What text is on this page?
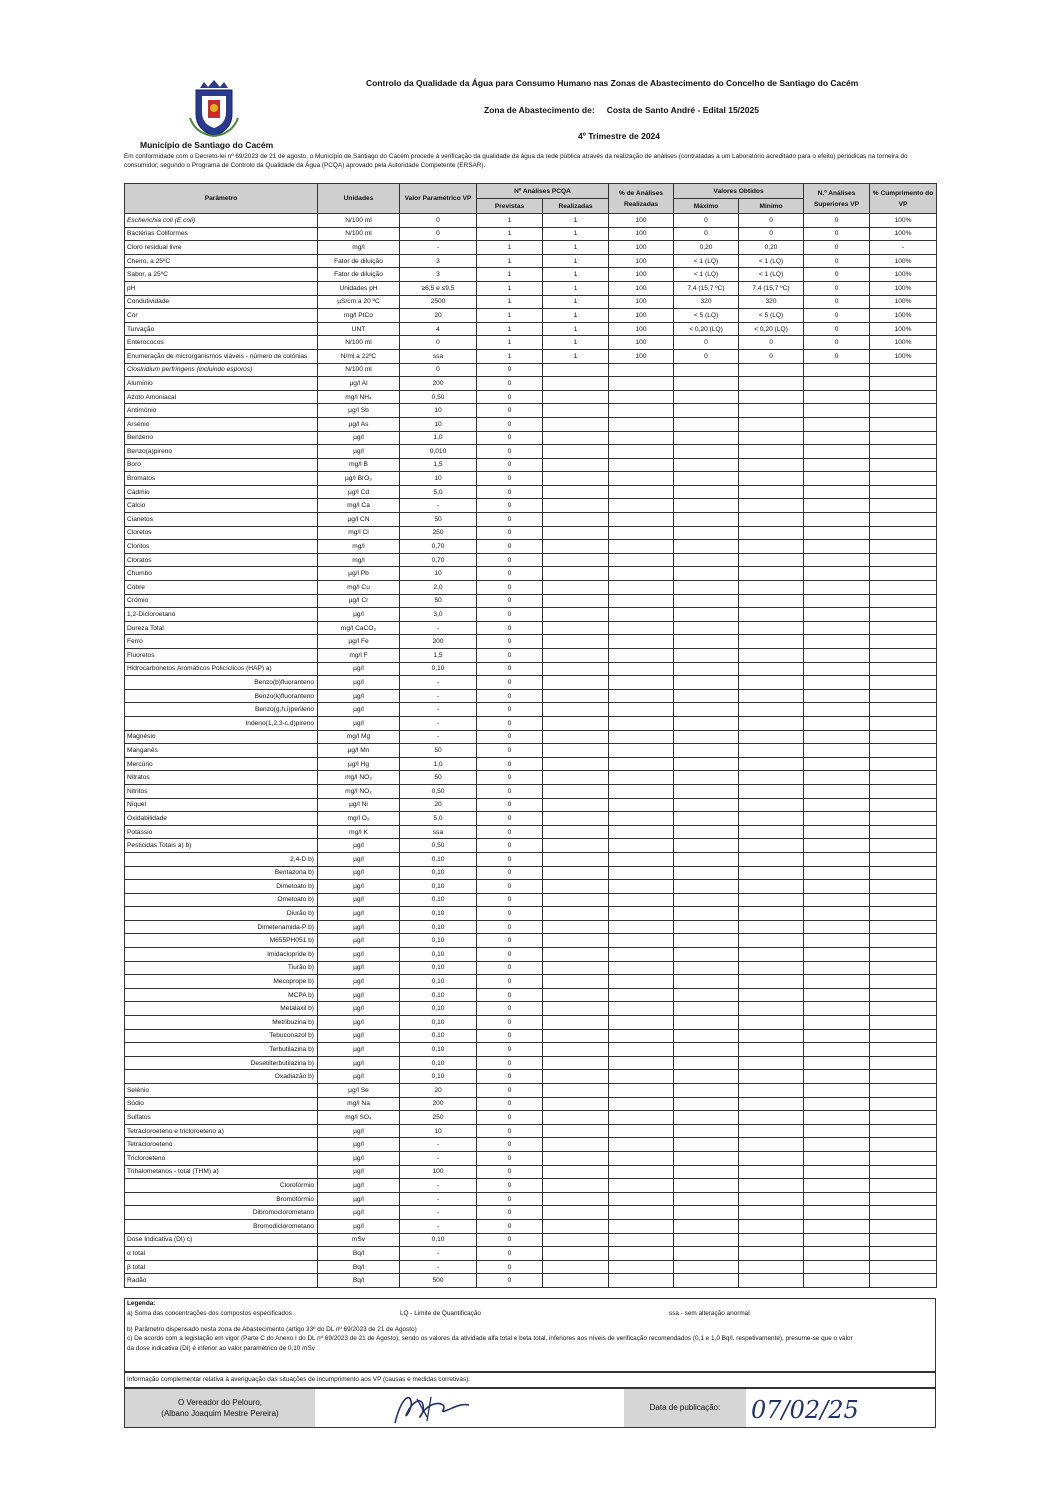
Município de Santiago do Cacém
Controlo da Qualidade da Água para Consumo Humano nas Zonas de Abastecimento do Concelho de Santiago do Cacém
Zona de Abastecimento de: Costa de Santo André - Edital 15/2025
4º Trimestre de 2024
Em conformidade com o Decreto-lei nº 69/2023 de 21 de agosto, o Município de Santiago do Cacém procede à verificação da qualidade da água da rede pública através da realização de análises (contratadas a um Laboratório acreditado para o efeito) periódicas na torneira do consumidor, segundo o Programa de Controlo da Qualidade da Água (PCQA) aprovado pela Autoridade Competente (ERSAR).
Parâmetro	Unidades	Valor Paramétrico VP	Nº Análises PCQA		% de Análises Realizadas	Valores Obtidos		N.º Análises Superiores VP	% Cumprimento do VP
			Previstas	Realizadas		Máximo	Mínimo		
Escherichia coli (E.coli)	N/100 ml	0	1	1	100	0	0	0	100%
Bactérias Coliformes	N/100 ml	0	1	1	100	0	0	0	100%
Cloro residual livre	mg/l	-	1	1	100	0,20	0,20	0	-
Cheiro, a 25ºC	Fator de diluição	3	1	1	100	< 1 (LQ)	< 1 (LQ)	0	100%
Sabor, a 25ºC	Fator de diluição	3	1	1	100	< 1 (LQ)	< 1 (LQ)	0	100%
pH	Unidades pH	≥6,5 e ≤9,5	1	1	100	7,4 (15,7 ºC)	7,4 (15,7 ºC)	0	100%
Condutividade	µS/cm a 20 ºC	2500	1	1	100	320	320	0	100%
Cor	mg/l PtCo	20	1	1	100	< 5 (LQ)	< 5 (LQ)	0	100%
Turvação	UNT	4	1	1	100	< 0,20 (LQ)	< 0,20 (LQ)	0	100%
Enterococos	N/100 ml	0	1	1	100	0	0	0	100%
Enumeração de microrganismos viáveis - número de colónias	N/ml a 22ºC	ssa	1	1	100	0	0	0	100%
Clostridium perfringens (incluindo esporos)	N/100 ml	0	0						
Alumínio	µg/l Al	200	0						
Azoto Amoniacal	mg/l NH₄	0,50	0						
Antimónio	µg/l Sb	10	0						
Arsénio	µg/l As	10	0						
Benzeno	µg/l	1,0	0						
Benzo(a)pireno	µg/l	0,010	0						
Boro	mg/l B	1,5	0						
Bromatos	µg/l BrO₃	10	0						
Cádmio	µg/l Cd	5,0	0						
Cálcio	mg/l Ca	-	0						
Cianetos	µg/l CN	50	0						
Cloretos	mg/l Cl	250	0						
Cloritos	mg/l	0,70	0						
Cloratos	mg/l	0,70	0						
Chumbo	µg/l Pb	10	0						
Cobre	mg/l Cu	2,0	0						
Crómio	µg/l Cr	50	0						
1,2-Dicloroetano	µg/l	3,0	0						
Dureza Total	mg/l CaCO₃	-	0						
Ferro	µg/l Fe	200	0						
Fluoretos	mg/l F	1,5	0						
Hidrocarbonetos Aromáticos Policíclicos (HAP) a)	µg/l	0,10	0						
Benzo(b)fluoranteno	µg/l	-	0						
Benzo(k)fluoranteno	µg/l	-	0						
Benzo(g,h,i)perileno	µg/l	-	0						
Indeno(1,2,3-c,d)pireno	µg/l	-	0						
Magnésio	mg/l Mg	-	0						
Manganês	µg/l Mn	50	0						
Mercúrio	µg/l Hg	1,0	0						
Nitratos	mg/l NO₃	50	0						
Nitritos	mg/l NO₂	0,50	0						
Níquel	µg/l Ni	20	0						
Oxidabilidade	mg/l O₂	5,0	0						
Potássio	mg/l K	ssa	0						
Pesticidas Totais a) b)	µg/l	0,50	0						
2,4-D b)	µg/l	0,10	0						
Bentazona b)	µg/l	0,10	0						
Dimetoato b)	µg/l	0,10	0						
Ometoato b)	µg/l	0,10	0						
Diurão b)	µg/l	0,10	0						
Dimetenamida-P b)	µg/l	0,10	0						
M655PH051 b)	µg/l	0,10	0						
Imidaclopride b)	µg/l	0,10	0						
Tiurão b)	µg/l	0,10	0						
Mecoprope b)	µg/l	0,10	0						
MCPA b)	µg/l	0,10	0						
Metalaxil b)	µg/l	0,10	0						
Metribuzina b)	µg/l	0,10	0						
Tebuconazol b)	µg/l	0,10	0						
Terbutilazina b)	µg/l	0,10	0						
Desetilterbutilazina b)	µg/l	0,10	0						
Oxadiazão b)	µg/l	0,10	0						
Selénio	µg/l Se	20	0						
Sódio	mg/l Na	200	0						
Sulfatos	mg/l SO₄	250	0						
Tetracloroeteno e tricloroeteno a)	µg/l	10	0						
Tetracloroeteno	µg/l	-	0						
Tricloroeteno	µg/l	-	0						
Trihalometanos - total (THM) a)	µg/l	100	0						
Clorofórmio	µg/l	-	0						
Bromofórmio	µg/l	-	0						
Dibromoclorometano	µg/l	-	0						
Bromodiclorometano	µg/l	-	0						
Dose Indicativa (DI) c)	mSv	0,10	0						
α total	Bq/l	-	0						
β total	Bq/l	-	0						
Radão	Bq/l	500	0						
Legenda:
a) Soma das concentrações dos compostos especificados	LQ - Limite de Quantificação	ssa - sem alteração anormal
b) Parâmetro dispensado nesta zona de Abastecimento (artigo 33º do DL nº 69/2023 de 21 de Agosto)
c) De acordo com a legislação em vigor (Parte C do Anexo I do DL nº 69/2023 de 21 de Agosto), sendo os valores da atividade alfa total e beta total, inferiores aos níveis de verificação recomendados (0,1 e 1,0 Bq/l, respetivamente), presume-se que o valor
da dose indicativa (DI) é inferior ao valor paramétrico de 0,10 mSv
Informação complementar relativa à averiguação das situações de incumprimento aos VP (causas e medidas corretivas):
O Vereador do Pelouro,
(Albano Joaquim Mestre Pereira)
Data de publicação:	07/02/25
